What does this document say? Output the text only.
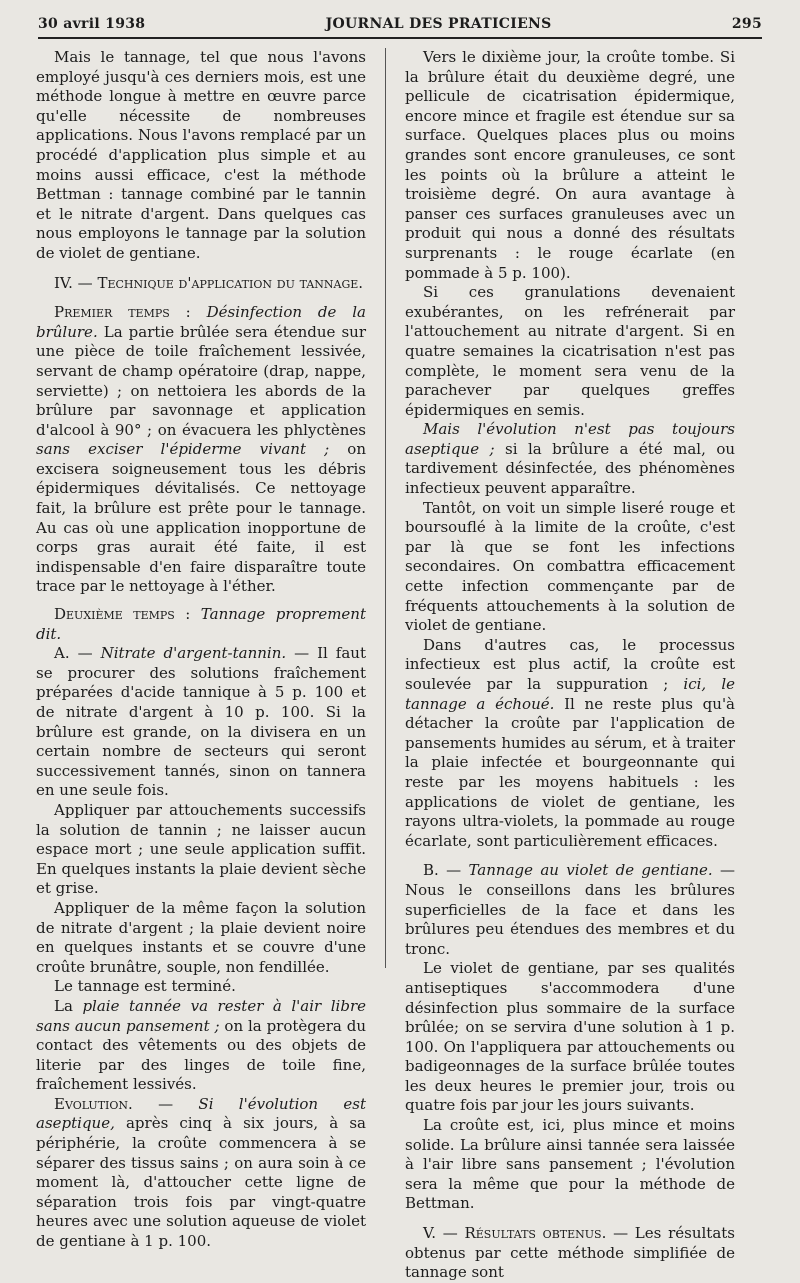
30 avril 1938	JOURNAL DES PRATICIENS	295

Mais le tannage, tel que nous l'avons employé jusqu'à ces derniers mois, est une méthode longue à mettre en œuvre parce qu'elle nécessite de nombreuses applications. Nous l'avons remplacé par un procédé d'application plus simple et au moins aussi efficace, c'est la méthode Bettman : tannage combiné par le tannin et le nitrate d'argent. Dans quelques cas nous employons le tannage par la solution de violet de gentiane.

IV. — Technique d'application du tannage.

Premier temps : Désinfection de la brûlure. La partie brûlée sera étendue sur une pièce de toile fraîchement lessivée, servant de champ opératoire (drap, nappe, serviette) ; on nettoiera les abords de la brûlure par savonnage et application d'alcool à 90° ; on évacuera les phlyctènes sans exciser l'épiderme vivant ; on excisera soigneusement tous les débris épidermiques dévitalisés. Ce nettoyage fait, la brûlure est prête pour le tannage. Au cas où une application inopportune de corps gras aurait été faite, il est indispensable d'en faire disparaître toute trace par le nettoyage à l'éther.

Deuxième temps : Tannage proprement dit.

A. — Nitrate d'argent-tannin. — Il faut se procurer des solutions fraîchement préparées d'acide tannique à 5 p. 100 et de nitrate d'argent à 10 p. 100. Si la brûlure est grande, on la divisera en un certain nombre de secteurs qui seront successivement tannés, sinon on tannera en une seule fois.

Appliquer par attouchements successifs la solution de tannin ; ne laisser aucun espace mort ; une seule application suffit. En quelques instants la plaie devient sèche et grise.

Appliquer de la même façon la solution de nitrate d'argent ; la plaie devient noire en quelques instants et se couvre d'une croûte brunâtre, souple, non fendillée.

Le tannage est terminé.

La plaie tannée va rester à l'air libre sans aucun pansement ; on la protègera du contact des vêtements ou des objets de literie par des linges de toile fine, fraîchement lessivés.

Evolution. — Si l'évolution est aseptique, après cinq à six jours, à sa périphérie, la croûte commencera à se séparer des tissus sains ; on aura soin à ce moment là, d'attoucher cette ligne de séparation trois fois par vingt-quatre heures avec une solution aqueuse de violet de gentiane à 1 p. 100.

Vers le dixième jour, la croûte tombe. Si la brûlure était du deuxième degré, une pellicule de cicatrisation épidermique, encore mince et fragile est étendue sur sa surface. Quelques places plus ou moins grandes sont encore granuleuses, ce sont les points où la brûlure a atteint le troisième degré. On aura avantage à panser ces surfaces granuleuses avec un produit qui nous a donné des résultats surprenants : le rouge écarlate (en pommade à 5 p. 100).

Si ces granulations devenaient exubérantes, on les refrénerait par l'attouchement au nitrate d'argent. Si en quatre semaines la cicatrisation n'est pas complète, le moment sera venu de la parachever par quelques greffes épidermiques en semis.

Mais l'évolution n'est pas toujours aseptique ; si la brûlure a été mal, ou tardivement désinfectée, des phénomènes infectieux peuvent apparaître.

Tantôt, on voit un simple liseré rouge et boursouflé à la limite de la croûte, c'est par là que se font les infections secondaires. On combattra efficacement cette infection commençante par de fréquents attouchements à la solution de violet de gentiane.

Dans d'autres cas, le processus infectieux est plus actif, la croûte est soulevée par la suppuration ; ici, le tannage a échoué. Il ne reste plus qu'à détacher la croûte par l'application de pansements humides au sérum, et à traiter la plaie infectée et bourgeonnante qui reste par les moyens habituels : les applications de violet de gentiane, les rayons ultra-violets, la pommade au rouge écarlate, sont particulièrement efficaces.

B. — Tannage au violet de gentiane. — Nous le conseillons dans les brûlures superficielles de la face et dans les brûlures peu étendues des membres et du tronc.

Le violet de gentiane, par ses qualités antiseptiques s'accommodera d'une désinfection plus sommaire de la surface brûlée; on se servira d'une solution à 1 p. 100. On l'appliquera par attouchements ou badigeonnages de la surface brûlée toutes les deux heures le premier jour, trois ou quatre fois par jour les jours suivants.

La croûte est, ici, plus mince et moins solide. La brûlure ainsi tannée sera laissée à l'air libre sans pansement ; l'évolution sera la même que pour la méthode de Bettman.

V. — Résultats obtenus. — Les résultats obtenus par cette méthode simplifiée de tannage sont
